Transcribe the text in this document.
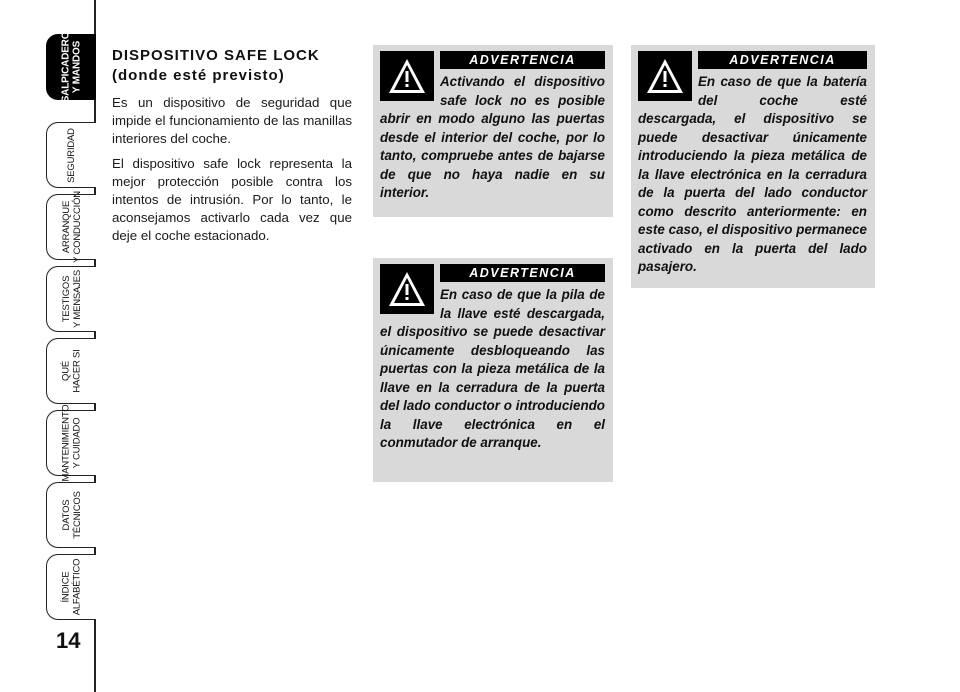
SALPICADERO
Y MANDOS
SEGURIDAD
ARRANQUE
Y CONDUCCIÓN
TESTIGOS
Y MENSAJES
QUÉ
HACER SI
MANTENIMIENTO
Y CUIDADO
DATOS
TÉCNICOS
ÍNDICE
ALFABÉTICO
14
DISPOSITIVO SAFE LOCK
(donde esté previsto)

Es un dispositivo de seguridad que impide el funcionamiento de las manillas interiores del coche.

El dispositivo safe lock representa la mejor protección posible contra los intentos de intrusión. Por lo tanto, le aconsejamos activarlo cada vez que deje el coche estacionado.

ADVERTENCIA

Activando el dispositivo safe lock no es posible abrir en modo alguno las puertas desde el interior del coche, por lo tanto, compruebe antes de bajarse de que no haya nadie en su interior.

ADVERTENCIA

En caso de que la pila de la llave esté descargada, el dispositivo se puede desactivar únicamente desbloqueando las puertas con la pieza metálica de la llave en la cerradura de la puerta del lado conductor o introduciendo la llave electrónica en el conmutador de arranque.

ADVERTENCIA

En caso de que la batería del coche esté descargada, el dispositivo se puede desactivar únicamente introduciendo la pieza metálica de la llave electrónica en la cerradura de la puerta del lado conductor como descrito anteriormente: en este caso, el dispositivo permanece activado en la puerta del lado pasajero.
